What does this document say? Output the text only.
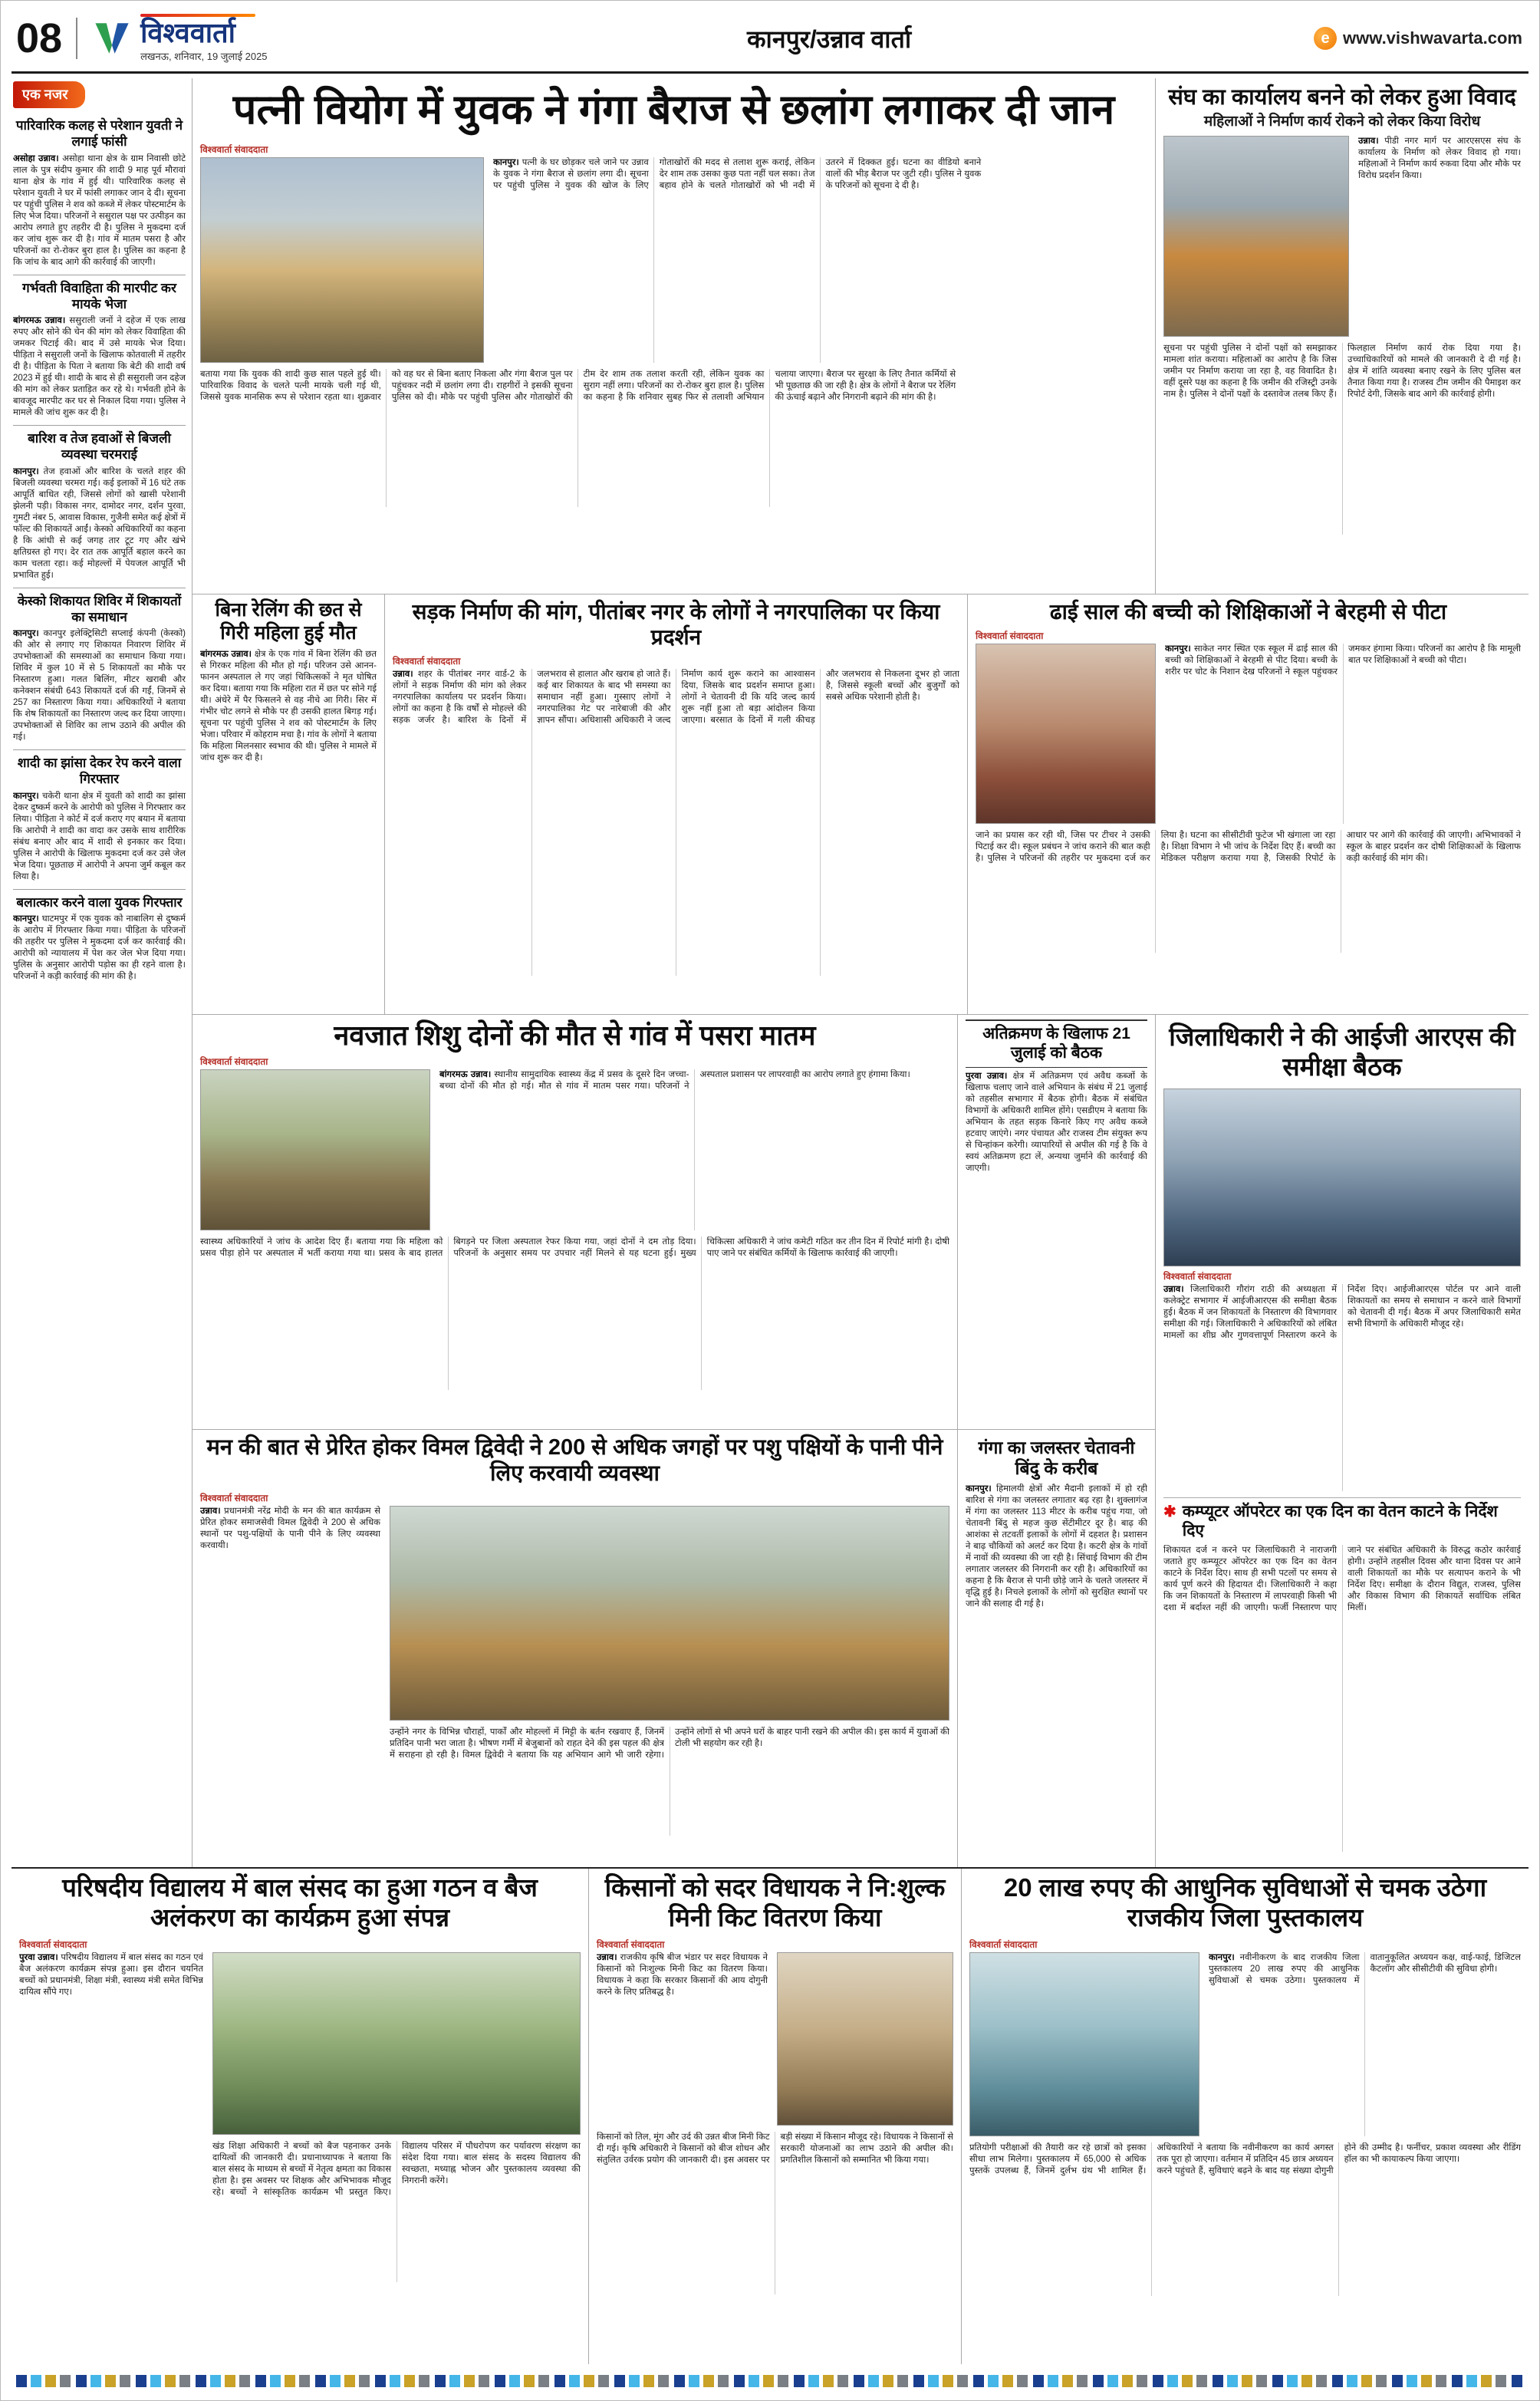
08	विश्ववार्ता
लखनऊ, शनिवार, 19 जुलाई 2025
कानपुर/उन्नाव वार्ता	e www.vishwavarta.com
एक नजर
पारिवारिक कलह से परेशान युवती ने लगाई फांसी

असोहा उन्नाव। असोहा थाना क्षेत्र के ग्राम निवासी छोटे लाल के पुत्र संदीप कुमार की शादी 9 माह पूर्व मौरावां थाना क्षेत्र के गांव में हुई थी। पारिवारिक कलह से परेशान युवती ने घर में फांसी लगाकर जान दे दी। सूचना पर पहुंची पुलिस ने शव को कब्जे में लेकर पोस्टमार्टम के लिए भेज दिया। परिजनों ने ससुराल पक्ष पर उत्पीड़न का आरोप लगाते हुए तहरीर दी है। पुलिस ने मुकदमा दर्ज कर जांच शुरू कर दी है। गांव में मातम पसरा है और परिजनों का रो-रोकर बुरा हाल है। पुलिस का कहना है कि जांच के बाद आगे की कार्रवाई की जाएगी।

गर्भवती विवाहिता की मारपीट कर मायके भेजा

बांगरमऊ उन्नाव। ससुराली जनों ने दहेज में एक लाख रुपए और सोने की चेन की मांग को लेकर विवाहिता की जमकर पिटाई की। बाद में उसे मायके भेज दिया। पीड़िता ने ससुराली जनों के खिलाफ कोतवाली में तहरीर दी है। पीड़िता के पिता ने बताया कि बेटी की शादी वर्ष 2023 में हुई थी। शादी के बाद से ही ससुराली जन दहेज की मांग को लेकर प्रताड़ित कर रहे थे। गर्भवती होने के बावजूद मारपीट कर घर से निकाल दिया गया। पुलिस ने मामले की जांच शुरू कर दी है।

बारिश व तेज हवाओं से बिजली व्यवस्था चरमराई

कानपुर। तेज हवाओं और बारिश के चलते शहर की बिजली व्यवस्था चरमरा गई। कई इलाकों में 16 घंटे तक आपूर्ति बाधित रही, जिससे लोगों को खासी परेशानी झेलनी पड़ी। विकास नगर, दामोदर नगर, दर्शन पुरवा, गुमटी नंबर 5, आवास विकास, गुजैनी समेत कई क्षेत्रों में फॉल्ट की शिकायतें आईं। केस्को अधिकारियों का कहना है कि आंधी से कई जगह तार टूट गए और खंभे क्षतिग्रस्त हो गए। देर रात तक आपूर्ति बहाल करने का काम चलता रहा। कई मोहल्लों में पेयजल आपूर्ति भी प्रभावित हुई।

केस्को शिकायत शिविर में शिकायतों का समाधान

कानपुर। कानपुर इलेक्ट्रिसिटी सप्लाई कंपनी (केस्को) की ओर से लगाए गए शिकायत निवारण शिविर में उपभोक्ताओं की समस्याओं का समाधान किया गया। शिविर में कुल 10 में से 5 शिकायतों का मौके पर निस्तारण हुआ। गलत बिलिंग, मीटर खराबी और कनेक्शन संबंधी 643 शिकायतें दर्ज की गईं, जिनमें से 257 का निस्तारण किया गया। अधिकारियों ने बताया कि शेष शिकायतों का निस्तारण जल्द कर दिया जाएगा। उपभोक्ताओं से शिविर का लाभ उठाने की अपील की गई।

शादी का झांसा देकर रेप करने वाला गिरफ्तार

कानपुर। चकेरी थाना क्षेत्र में युवती को शादी का झांसा देकर दुष्कर्म करने के आरोपी को पुलिस ने गिरफ्तार कर लिया। पीड़िता ने कोर्ट में दर्ज कराए गए बयान में बताया कि आरोपी ने शादी का वादा कर उसके साथ शारीरिक संबंध बनाए और बाद में शादी से इनकार कर दिया। पुलिस ने आरोपी के खिलाफ मुकदमा दर्ज कर उसे जेल भेज दिया। पूछताछ में आरोपी ने अपना जुर्म कबूल कर लिया है।

बलात्कार करने वाला युवक गिरफ्तार

कानपुर। घाटमपुर में एक युवक को नाबालिग से दुष्कर्म के आरोप में गिरफ्तार किया गया। पीड़िता के परिजनों की तहरीर पर पुलिस ने मुकदमा दर्ज कर कार्रवाई की। आरोपी को न्यायालय में पेश कर जेल भेज दिया गया। पुलिस के अनुसार आरोपी पड़ोस का ही रहने वाला है। परिजनों ने कड़ी कार्रवाई की मांग की है।

पत्नी वियोग में युवक ने गंगा बैराज से छलांग लगाकर दी जान
विश्ववार्ता संवाददाता

कानपुर। पत्नी के घर छोड़कर चले जाने पर उन्नाव के युवक ने गंगा बैराज से छलांग लगा दी। सूचना पर पहुंची पुलिस ने युवक की खोज के लिए गोताखोरों की मदद से तलाश शुरू कराई, लेकिन देर शाम तक उसका कुछ पता नहीं चल सका। तेज बहाव होने के चलते गोताखोरों को भी नदी में उतरने में दिक्कत हुई। घटना का वीडियो बनाने वालों की भीड़ बैराज पर जुटी रही। पुलिस ने युवक के परिजनों को सूचना दे दी है।

बताया गया कि युवक की शादी कुछ साल पहले हुई थी। पारिवारिक विवाद के चलते पत्नी मायके चली गई थी, जिससे युवक मानसिक रूप से परेशान रहता था। शुक्रवार को वह घर से बिना बताए निकला और गंगा बैराज पुल पर पहुंचकर नदी में छलांग लगा दी। राहगीरों ने इसकी सूचना पुलिस को दी। मौके पर पहुंची पुलिस और गोताखोरों की टीम देर शाम तक तलाश करती रही, लेकिन युवक का सुराग नहीं लगा। परिजनों का रो-रोकर बुरा हाल है। पुलिस का कहना है कि शनिवार सुबह फिर से तलाशी अभियान चलाया जाएगा। बैराज पर सुरक्षा के लिए तैनात कर्मियों से भी पूछताछ की जा रही है। क्षेत्र के लोगों ने बैराज पर रेलिंग की ऊंचाई बढ़ाने और निगरानी बढ़ाने की मांग की है।

संघ का कार्यालय बनने को लेकर हुआ विवाद
महिलाओं ने निर्माण कार्य रोकने को लेकर किया विरोध

उन्नाव। पीडी नगर मार्ग पर आरएसएस संघ के कार्यालय के निर्माण को लेकर विवाद हो गया। महिलाओं ने निर्माण कार्य रुकवा दिया और मौके पर विरोध प्रदर्शन किया।

सूचना पर पहुंची पुलिस ने दोनों पक्षों को समझाकर मामला शांत कराया। महिलाओं का आरोप है कि जिस जमीन पर निर्माण कराया जा रहा है, वह विवादित है। वहीं दूसरे पक्ष का कहना है कि जमीन की रजिस्ट्री उनके नाम है। पुलिस ने दोनों पक्षों के दस्तावेज तलब किए हैं। फिलहाल निर्माण कार्य रोक दिया गया है। उच्चाधिकारियों को मामले की जानकारी दे दी गई है। क्षेत्र में शांति व्यवस्था बनाए रखने के लिए पुलिस बल तैनात किया गया है। राजस्व टीम जमीन की पैमाइश कर रिपोर्ट देगी, जिसके बाद आगे की कार्रवाई होगी।

बिना रेलिंग की छत से गिरी महिला हुई मौत

बांगरमऊ उन्नाव। क्षेत्र के एक गांव में बिना रेलिंग की छत से गिरकर महिला की मौत हो गई। परिजन उसे आनन-फानन अस्पताल ले गए जहां चिकित्सकों ने मृत घोषित कर दिया। बताया गया कि महिला रात में छत पर सोने गई थी। अंधेरे में पैर फिसलने से वह नीचे आ गिरी। सिर में गंभीर चोट लगने से मौके पर ही उसकी हालत बिगड़ गई। सूचना पर पहुंची पुलिस ने शव को पोस्टमार्टम के लिए भेजा। परिवार में कोहराम मचा है। गांव के लोगों ने बताया कि महिला मिलनसार स्वभाव की थी। पुलिस ने मामले में जांच शुरू कर दी है।

सड़क निर्माण की मांग, पीतांबर नगर के लोगों ने नगरपालिका पर किया प्रदर्शन
विश्ववार्ता संवाददाता

उन्नाव। शहर के पीतांबर नगर वार्ड-2 के लोगों ने सड़क निर्माण की मांग को लेकर नगरपालिका कार्यालय पर प्रदर्शन किया। लोगों का कहना है कि वर्षों से मोहल्ले की सड़क जर्जर है। बारिश के दिनों में जलभराव से हालात और खराब हो जाते हैं। कई बार शिकायत के बाद भी समस्या का समाधान नहीं हुआ। गुस्साए लोगों ने नगरपालिका गेट पर नारेबाजी की और ज्ञापन सौंपा। अधिशासी अधिकारी ने जल्द निर्माण कार्य शुरू कराने का आश्वासन दिया, जिसके बाद प्रदर्शन समाप्त हुआ। लोगों ने चेतावनी दी कि यदि जल्द कार्य शुरू नहीं हुआ तो बड़ा आंदोलन किया जाएगा। बरसात के दिनों में गली कीचड़ और जलभराव से निकलना दूभर हो जाता है, जिससे स्कूली बच्चों और बुजुर्गों को सबसे अधिक परेशानी होती है।

ढाई साल की बच्ची को शिक्षिकाओं ने बेरहमी से पीटा
विश्ववार्ता संवाददाता

कानपुर। साकेत नगर स्थित एक स्कूल में ढाई साल की बच्ची को शिक्षिकाओं ने बेरहमी से पीट दिया। बच्ची के शरीर पर चोट के निशान देख परिजनों ने स्कूल पहुंचकर जमकर हंगामा किया। परिजनों का आरोप है कि मामूली बात पर शिक्षिकाओं ने बच्ची को पीटा।

जाने का प्रयास कर रही थी, जिस पर टीचर ने उसकी पिटाई कर दी। स्कूल प्रबंधन ने जांच कराने की बात कही है। पुलिस ने परिजनों की तहरीर पर मुकदमा दर्ज कर लिया है। घटना का सीसीटीवी फुटेज भी खंगाला जा रहा है। शिक्षा विभाग ने भी जांच के निर्देश दिए हैं। बच्ची का मेडिकल परीक्षण कराया गया है, जिसकी रिपोर्ट के आधार पर आगे की कार्रवाई की जाएगी। अभिभावकों ने स्कूल के बाहर प्रदर्शन कर दोषी शिक्षिकाओं के खिलाफ कड़ी कार्रवाई की मांग की।

नवजात शिशु दोनों की मौत से गांव में पसरा मातम
विश्ववार्ता संवाददाता

बांगरमऊ उन्नाव। स्थानीय सामुदायिक स्वास्थ्य केंद्र में प्रसव के दूसरे दिन जच्चा-बच्चा दोनों की मौत हो गई। मौत से गांव में मातम पसर गया। परिजनों ने अस्पताल प्रशासन पर लापरवाही का आरोप लगाते हुए हंगामा किया।

स्वास्थ्य अधिकारियों ने जांच के आदेश दिए हैं। बताया गया कि महिला को प्रसव पीड़ा होने पर अस्पताल में भर्ती कराया गया था। प्रसव के बाद हालत बिगड़ने पर जिला अस्पताल रेफर किया गया, जहां दोनों ने दम तोड़ दिया। परिजनों के अनुसार समय पर उपचार नहीं मिलने से यह घटना हुई। मुख्य चिकित्सा अधिकारी ने जांच कमेटी गठित कर तीन दिन में रिपोर्ट मांगी है। दोषी पाए जाने पर संबंधित कर्मियों के खिलाफ कार्रवाई की जाएगी।

अतिक्रमण के खिलाफ 21 जुलाई को बैठक

पुरवा उन्नाव। क्षेत्र में अतिक्रमण एवं अवैध कब्जों के खिलाफ चलाए जाने वाले अभियान के संबंध में 21 जुलाई को तहसील सभागार में बैठक होगी। बैठक में संबंधित विभागों के अधिकारी शामिल होंगे। एसडीएम ने बताया कि अभियान के तहत सड़क किनारे किए गए अवैध कब्जे हटवाए जाएंगे। नगर पंचायत और राजस्व टीम संयुक्त रूप से चिन्हांकन करेगी। व्यापारियों से अपील की गई है कि वे स्वयं अतिक्रमण हटा लें, अन्यथा जुर्माने की कार्रवाई की जाएगी।

मन की बात से प्रेरित होकर विमल द्विवेदी ने 200 से अधिक जगहों पर पशु पक्षियों के पानी पीने लिए करवायी व्यवस्था
विश्ववार्ता संवाददाता

उन्नाव। प्रधानमंत्री नरेंद्र मोदी के मन की बात कार्यक्रम से प्रेरित होकर समाजसेवी विमल द्विवेदी ने 200 से अधिक स्थानों पर पशु-पक्षियों के पानी पीने के लिए व्यवस्था करवायी।

उन्होंने नगर के विभिन्न चौराहों, पार्कों और मोहल्लों में मिट्टी के बर्तन रखवाए हैं, जिनमें प्रतिदिन पानी भरा जाता है। भीषण गर्मी में बेजुबानों को राहत देने की इस पहल की क्षेत्र में सराहना हो रही है। विमल द्विवेदी ने बताया कि यह अभियान आगे भी जारी रहेगा। उन्होंने लोगों से भी अपने घरों के बाहर पानी रखने की अपील की। इस कार्य में युवाओं की टोली भी सहयोग कर रही है।

गंगा का जलस्तर चेतावनी बिंदु के करीब

कानपुर। हिमालयी क्षेत्रों और मैदानी इलाकों में हो रही बारिश से गंगा का जलस्तर लगातार बढ़ रहा है। शुक्लागंज में गंगा का जलस्तर 113 मीटर के करीब पहुंच गया, जो चेतावनी बिंदु से महज कुछ सेंटीमीटर दूर है। बाढ़ की आशंका से तटवर्ती इलाकों के लोगों में दहशत है। प्रशासन ने बाढ़ चौकियों को अलर्ट कर दिया है। कटरी क्षेत्र के गांवों में नावों की व्यवस्था की जा रही है। सिंचाई विभाग की टीम लगातार जलस्तर की निगरानी कर रही है। अधिकारियों का कहना है कि बैराज से पानी छोड़े जाने के चलते जलस्तर में वृद्धि हुई है। निचले इलाकों के लोगों को सुरक्षित स्थानों पर जाने की सलाह दी गई है।

जिलाधिकारी ने की आईजी आरएस की समीक्षा बैठक
विश्ववार्ता संवाददाता

उन्नाव। जिलाधिकारी गौरांग राठी की अध्यक्षता में कलेक्ट्रेट सभागार में आईजीआरएस की समीक्षा बैठक हुई। बैठक में जन शिकायतों के निस्तारण की विभागवार समीक्षा की गई। जिलाधिकारी ने अधिकारियों को लंबित मामलों का शीघ्र और गुणवत्तापूर्ण निस्तारण करने के निर्देश दिए। आईजीआरएस पोर्टल पर आने वाली शिकायतों का समय से समाधान न करने वाले विभागों को चेतावनी दी गई। बैठक में अपर जिलाधिकारी समेत सभी विभागों के अधिकारी मौजूद रहे।

✱ कम्प्यूटर ऑपरेटर का एक दिन का वेतन काटने के निर्देश दिए

शिकायत दर्ज न करने पर जिलाधिकारी ने नाराजगी जताते हुए कम्प्यूटर ऑपरेटर का एक दिन का वेतन काटने के निर्देश दिए। साथ ही सभी पटलों पर समय से कार्य पूर्ण करने की हिदायत दी। जिलाधिकारी ने कहा कि जन शिकायतों के निस्तारण में लापरवाही किसी भी दशा में बर्दाश्त नहीं की जाएगी। फर्जी निस्तारण पाए जाने पर संबंधित अधिकारी के विरुद्ध कठोर कार्रवाई होगी। उन्होंने तहसील दिवस और थाना दिवस पर आने वाली शिकायतों का मौके पर सत्यापन कराने के भी निर्देश दिए। समीक्षा के दौरान विद्युत, राजस्व, पुलिस और विकास विभाग की शिकायतें सर्वाधिक लंबित मिलीं।

परिषदीय विद्यालय में बाल संसद का हुआ गठन व बैज अलंकरण का कार्यक्रम हुआ संपन्न
विश्ववार्ता संवाददाता

पुरवा उन्नाव। परिषदीय विद्यालय में बाल संसद का गठन एवं बैज अलंकरण कार्यक्रम संपन्न हुआ। इस दौरान चयनित बच्चों को प्रधानमंत्री, शिक्षा मंत्री, स्वास्थ्य मंत्री समेत विभिन्न दायित्व सौंपे गए।

खंड शिक्षा अधिकारी ने बच्चों को बैज पहनाकर उनके दायित्वों की जानकारी दी। प्रधानाध्यापक ने बताया कि बाल संसद के माध्यम से बच्चों में नेतृत्व क्षमता का विकास होता है। इस अवसर पर शिक्षक और अभिभावक मौजूद रहे। बच्चों ने सांस्कृतिक कार्यक्रम भी प्रस्तुत किए। विद्यालय परिसर में पौधरोपण कर पर्यावरण संरक्षण का संदेश दिया गया। बाल संसद के सदस्य विद्यालय की स्वच्छता, मध्याह्न भोजन और पुस्तकालय व्यवस्था की निगरानी करेंगे।

किसानों को सदर विधायक ने नि:शुल्क मिनी किट वितरण किया
विश्ववार्ता संवाददाता

उन्नाव। राजकीय कृषि बीज भंडार पर सदर विधायक ने किसानों को निःशुल्क मिनी किट का वितरण किया। विधायक ने कहा कि सरकार किसानों की आय दोगुनी करने के लिए प्रतिबद्ध है।

किसानों को तिल, मूंग और उर्द की उन्नत बीज मिनी किट दी गई। कृषि अधिकारी ने किसानों को बीज शोधन और संतुलित उर्वरक प्रयोग की जानकारी दी। इस अवसर पर बड़ी संख्या में किसान मौजूद रहे। विधायक ने किसानों से सरकारी योजनाओं का लाभ उठाने की अपील की। प्रगतिशील किसानों को सम्मानित भी किया गया।

20 लाख रुपए की आधुनिक सुविधाओं से चमक उठेगा राजकीय जिला पुस्तकालय
विश्ववार्ता संवाददाता

कानपुर। नवीनीकरण के बाद राजकीय जिला पुस्तकालय 20 लाख रुपए की आधुनिक सुविधाओं से चमक उठेगा। पुस्तकालय में वातानुकूलित अध्ययन कक्ष, वाई-फाई, डिजिटल कैटलॉग और सीसीटीवी की सुविधा होगी।

प्रतियोगी परीक्षाओं की तैयारी कर रहे छात्रों को इसका सीधा लाभ मिलेगा। पुस्तकालय में 65,000 से अधिक पुस्तकें उपलब्ध हैं, जिनमें दुर्लभ ग्रंथ भी शामिल हैं। अधिकारियों ने बताया कि नवीनीकरण का कार्य अगस्त तक पूरा हो जाएगा। वर्तमान में प्रतिदिन 45 छात्र अध्ययन करने पहुंचते हैं, सुविधाएं बढ़ने के बाद यह संख्या दोगुनी होने की उम्मीद है। फर्नीचर, प्रकाश व्यवस्था और रीडिंग हॉल का भी कायाकल्प किया जाएगा।
